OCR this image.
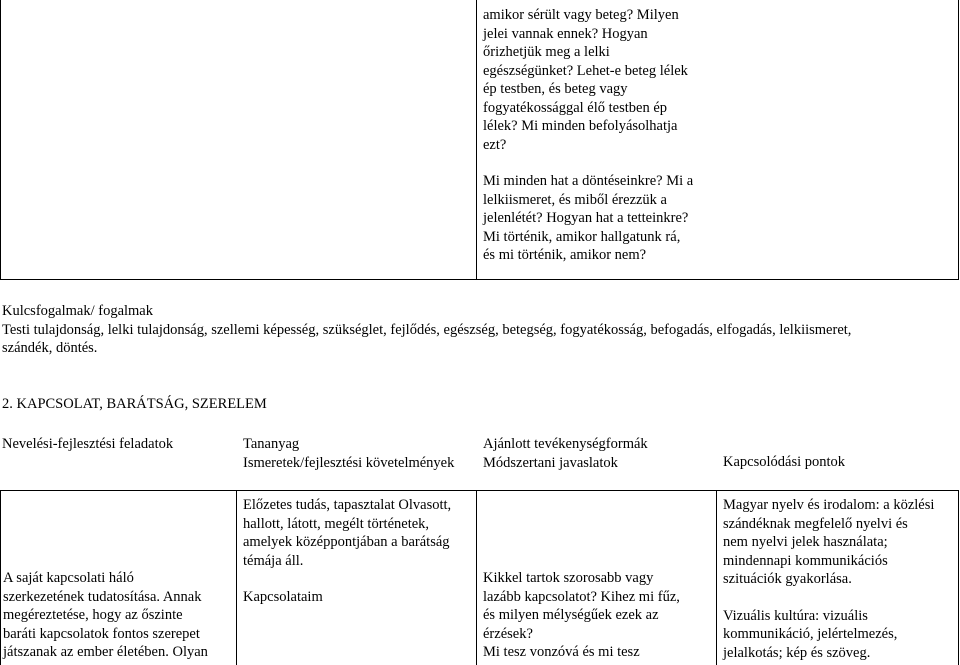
amikor sérült vagy beteg? Milyen
jelei vannak ennek? Hogyan
őrizhetjük meg a lelki
egészségünket? Lehet-e beteg lélek
ép testben, és beteg vagy
fogyatékossággal élő testben ép
lélek? Mi minden befolyásolhatja
ezt?

Mi minden hat a döntéseinkre? Mi a
lelkiismeret, és miből érezzük a
jelenlétét? Hogyan hat a tetteinkre?
Mi történik, amikor hallgatunk rá,
és mi történik, amikor nem?

Kulcsfogalmak/ fogalmak

Testi tulajdonság, lelki tulajdonság, szellemi képesség, szükséglet, fejlődés, egészség, betegség, fogyatékosság, befogadás, elfogadás, lelkiismeret,
szándék, döntés.

2. KAPCSOLAT, BARÁTSÁG, SZERELEM
Nevelési-fejlesztési feladatok	Tananyag
Ismeretek/fejlesztési követelmények
Ajánlott tevékenységformák
Módszertani javaslatok	Kapcsolódási pontok
A saját kapcsolati háló
szerkezetének tudatosítása. Annak
megéreztetése, hogy az őszinte
baráti kapcsolatok fontos szerepet
játszanak az ember életében. Olyan

Előzetes tudás, tapasztalat Olvasott,
hallott, látott, megélt történetek,
amelyek középpontjában a barátság
témája áll.

Kapcsolataim

Kikkel tartok szorosabb vagy
lazább kapcsolatot? Kihez mi fűz,
és milyen mélységűek ezek az
érzések?
Mi tesz vonzóvá és mi tesz

Magyar nyelv és irodalom: a közlési
szándéknak megfelelő nyelvi és
nem nyelvi jelek használata;
mindennapi kommunikációs
szituációk gyakorlása.

Vizuális kultúra: vizuális
kommunikáció, jelértelmezés,
jelalkotás; kép és szöveg.
